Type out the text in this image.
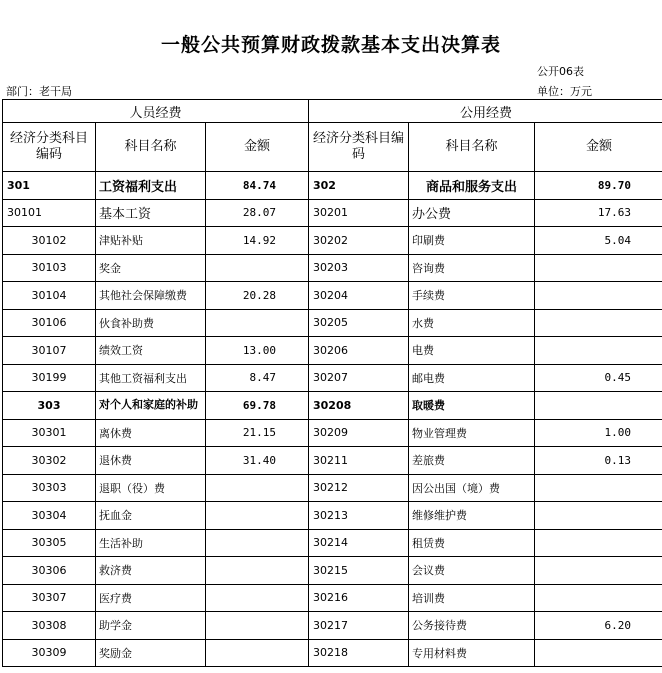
一般公共预算财政拨款基本支出决算表
公开06表
部门：老干局	单位：万元
人员经费			公用经费		
经济分类科目编码	科目名称	金额	经济分类科目编码	科目名称	金额
301	工资福利支出	84.74	302	商品和服务支出	89.70
30101	基本工资	28.07	30201	办公费	17.63
30102	津贴补贴	14.92	30202	印刷费	5.04
30103	奖金		30203	咨询费	
30104	其他社会保障缴费	20.28	30204	手续费	
30106	伙食补助费		30205	水费	
30107	绩效工资	13.00	30206	电费	
30199	其他工资福利支出	8.47	30207	邮电费	0.45
303	对个人和家庭的补助	69.78	30208	取暖费	
30301	离休费	21.15	30209	物业管理费	1.00
30302	退休费	31.40	30211	差旅费	0.13
30303	退职（役）费		30212	因公出国（境）费	
30304	抚血金		30213	维修维护费	
30305	生活补助		30214	租赁费	
30306	救济费		30215	会议费	
30307	医疗费		30216	培训费	
30308	助学金		30217	公务接待费	6.20
30309	奖励金		30218	专用材料费	
